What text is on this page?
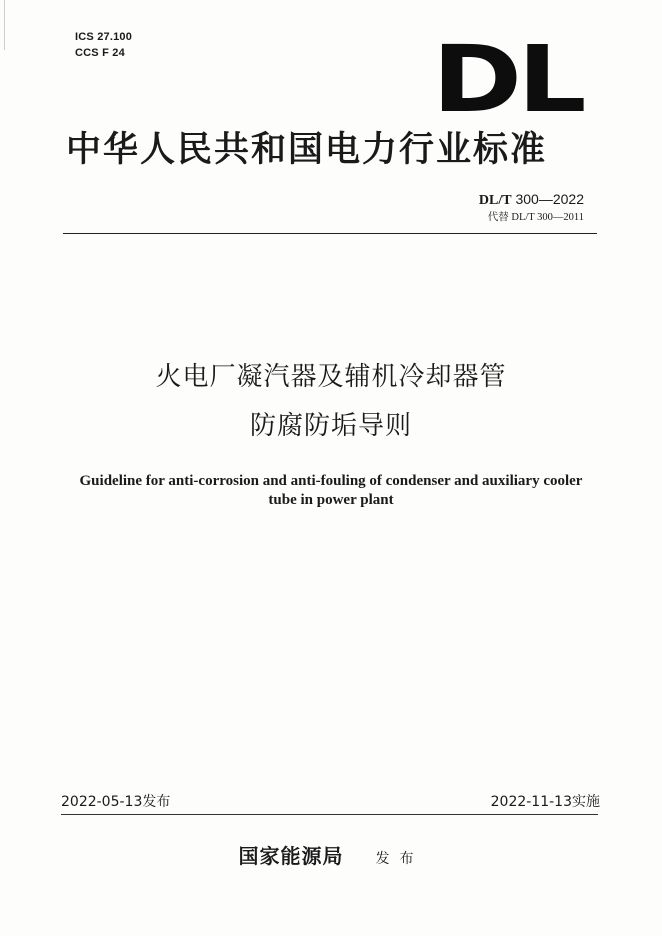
ICS 27.100
CCS F 24	DL
中华人民共和国电力行业标准
DL/T 300—2022
代替 DL/T 300—2011
火电厂凝汽器及辅机冷却器管
防腐防垢导则
Guideline for anti-corrosion and anti-fouling of condenser and auxiliary cooler
tube in power plant
2022-05-13发布	2022-11-13实施
国家能源局 发布
